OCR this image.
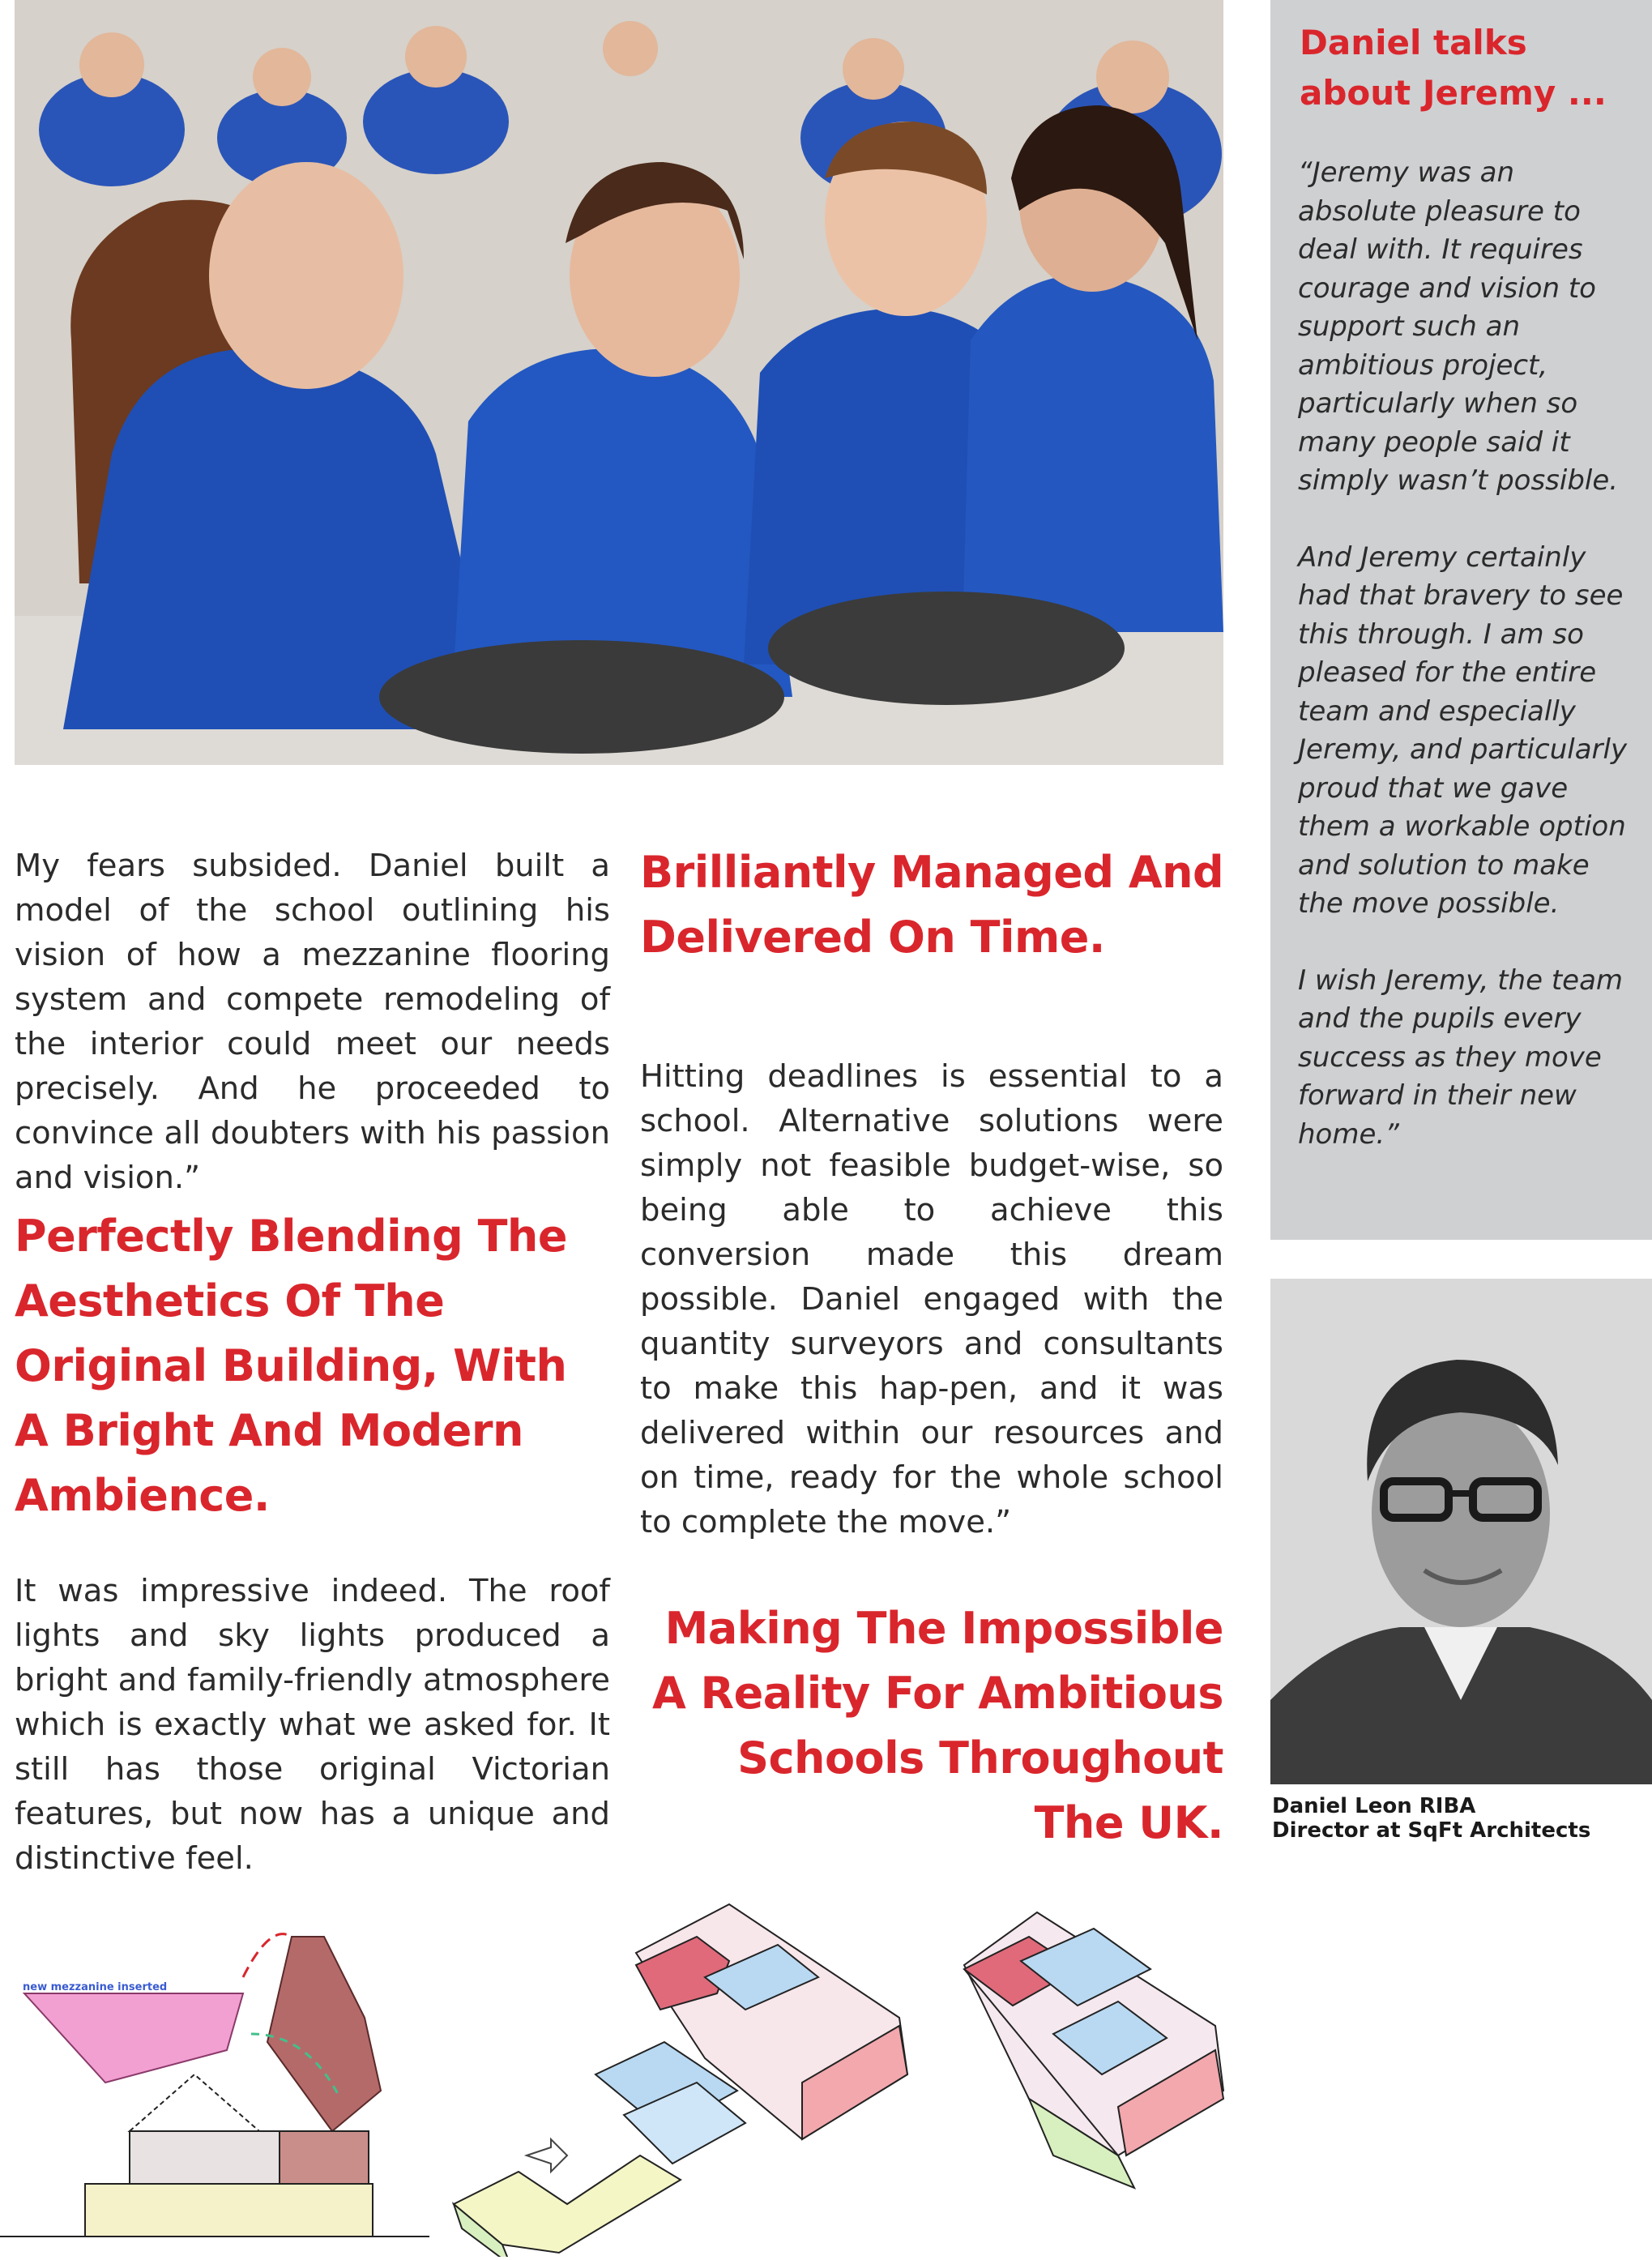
Daniel talks about Jeremy ...

“Jeremy was an absolute pleasure to deal with. It requires courage and vision to support such an ambitious project, particularly when so many people said it simply wasn’t possible.

And Jeremy certainly had that bravery to see this through. I am so pleased for the entire team and especially Jeremy, and particularly proud that we gave them a workable option and solution to make the move possible.

I wish Jeremy, the team and the pupils every success as they move forward in their new home.”

Daniel Leon RIBA
Director at SqFt Architects

My fears subsided. Daniel built a model of the school outlining his vision of how a mezzanine flooring system and compete remodeling of the interior could meet our needs precisely. And he proceeded to convince all doubters with his passion and vision.”

Perfectly Blending The Aesthetics Of The Original Building, With A Bright And Modern Ambience.

It was impressive indeed. The roof lights and sky lights produced a bright and family-friendly atmosphere which is exactly what we asked for. It still has those original Victorian features, but now has a unique and distinctive feel.

Brilliantly Managed And Delivered On Time.

Hitting deadlines is essential to a school. Alternative solutions were simply not feasible budget-wise, so being able to achieve this conversion made this dream possible. Daniel engaged with the quantity surveyors and consultants to make this hap-pen, and it was delivered within our resources and on time, ready for the whole school to complete the move.”

Making The Impossible A Reality For Ambitious Schools Throughout The UK.
new mezzanine inserted
